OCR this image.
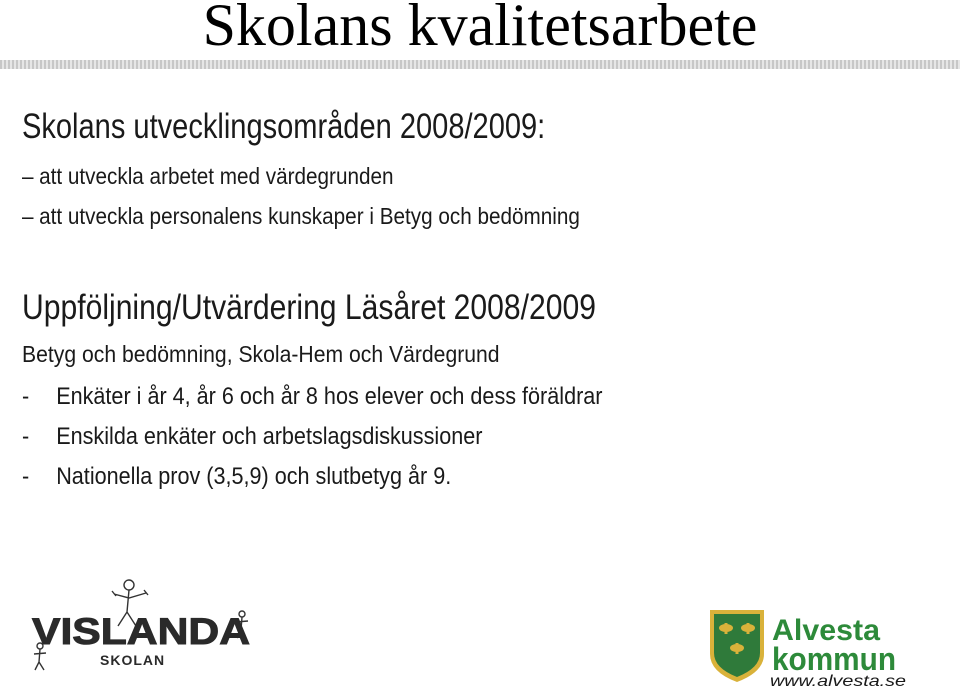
Skolans kvalitetsarbete
Skolans utvecklingsområden 2008/2009:
– att utveckla arbetet med värdegrunden
– att utveckla personalens kunskaper i Betyg och bedömning
Uppföljning/Utvärdering Läsåret 2008/2009
Betyg och bedömning, Skola-Hem och Värdegrund
- Enkäter i år 4, år 6 och år 8 hos elever och dess föräldrar
- Enskilda enkäter och arbetslagsdiskussioner
- Nationella prov (3,5,9) och slutbetyg år 9.
VISLANDA
SKOLAN
Alvesta
kommun
www.alvesta.se
